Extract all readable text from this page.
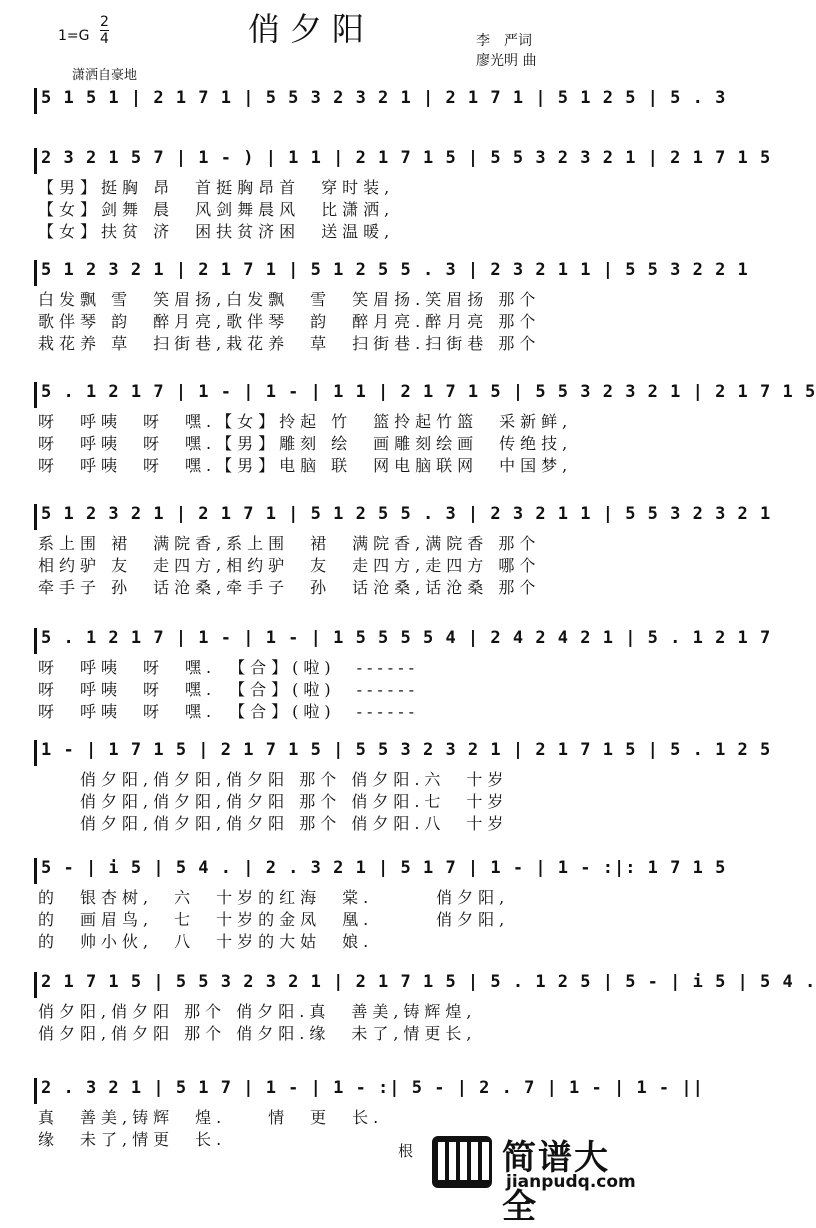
俏夕阳
$1=G \frac{2}{4}$	李　严词
廖光明 曲
潇洒自豪地
5 1 5 1 | 2 1 7 1 | 5 5 3 2 3 2 1 | 2 1 7 1 | 5 1 2 5 | 5 . 3
2 3 2 1 5 7 | 1 - ) | 1 1 | 2 1 7 1 5 | 5 5 3 2 3 2 1 | 2 1 7 1 5
【男】挺胸 昂　首挺胸昂首　穿时装,
【女】剑舞 晨　风剑舞晨风　比潇洒,
【女】扶贫 济　困扶贫济困　送温暖,
5 1 2 3 2 1 | 2 1 7 1 | 5 1 2 5 5 . 3 | 2 3 2 1 1 | 5 5 3 2 2 1
白发飘 雪　笑眉扬,白发飘　雪　笑眉扬.笑眉扬 那个
歌伴琴 韵　醉月亮,歌伴琴　韵　醉月亮.醉月亮 那个
栽花养 草　扫街巷,栽花养　草　扫街巷.扫街巷 那个
5 . 1 2 1 7 | 1 - | 1 - | 1 1 | 2 1 7 1 5 | 5 5 3 2 3 2 1 | 2 1 7 1 5
呀　呼咦　呀　嘿.【女】拎起 竹　篮拎起竹篮　采新鲜,
呀　呼咦　呀　嘿.【男】雕刻 绘　画雕刻绘画　传绝技,
呀　呼咦　呀　嘿.【男】电脑 联　网电脑联网　中国梦,
5 1 2 3 2 1 | 2 1 7 1 | 5 1 2 5 5 . 3 | 2 3 2 1 1 | 5 5 3 2 3 2 1
系上围 裙　满院香,系上围　裙　满院香,满院香 那个
相约驴 友　走四方,相约驴　友　走四方,走四方 哪个
牵手子 孙　话沧桑,牵手子　孙　话沧桑,话沧桑 那个
5 . 1 2 1 7 | 1 - | 1 - | 1 5 5 5 5 4 | 2 4 2 4 2 1 | 5 . 1 2 1 7
呀　呼咦　呀　嘿.　【合】(啦)　------
呀　呼咦　呀　嘿.　【合】(啦)　------
呀　呼咦　呀　嘿.　【合】(啦)　------
1 - | 1 7 1 5 | 2 1 7 1 5 | 5 5 3 2 3 2 1 | 2 1 7 1 5 | 5 . 1 2 5
　　俏夕阳,俏夕阳,俏夕阳 那个 俏夕阳.六　十岁
　　俏夕阳,俏夕阳,俏夕阳 那个 俏夕阳.七　十岁
　　俏夕阳,俏夕阳,俏夕阳 那个 俏夕阳.八　十岁
5 - | i 5 | 5 4 . | 2 . 3 2 1 | 5 1 7 | 1 - | 1 - :|: 1 7 1 5
的　银杏树,　六　十岁的红海　棠.　　　俏夕阳,
的　画眉鸟,　七　十岁的金凤　凰.　　　俏夕阳,
的　帅小伙,　八　十岁的大姑　娘.
2 1 7 1 5 | 5 5 3 2 3 2 1 | 2 1 7 1 5 | 5 . 1 2 5 | 5 - | i 5 | 5 4 .
俏夕阳,俏夕阳 那个 俏夕阳.真　善美,铸辉煌,
俏夕阳,俏夕阳 那个 俏夕阳.缘　未了,情更长,
2 . 3 2 1 | 5 1 7 | 1 - | 1 - :| 5 - | 2 . 7 | 1 - | 1 - ||
真　善美,铸辉　煌.　　情　更　长.
缘　未了,情更　长.
根	简谱大全
jianpudq.com
